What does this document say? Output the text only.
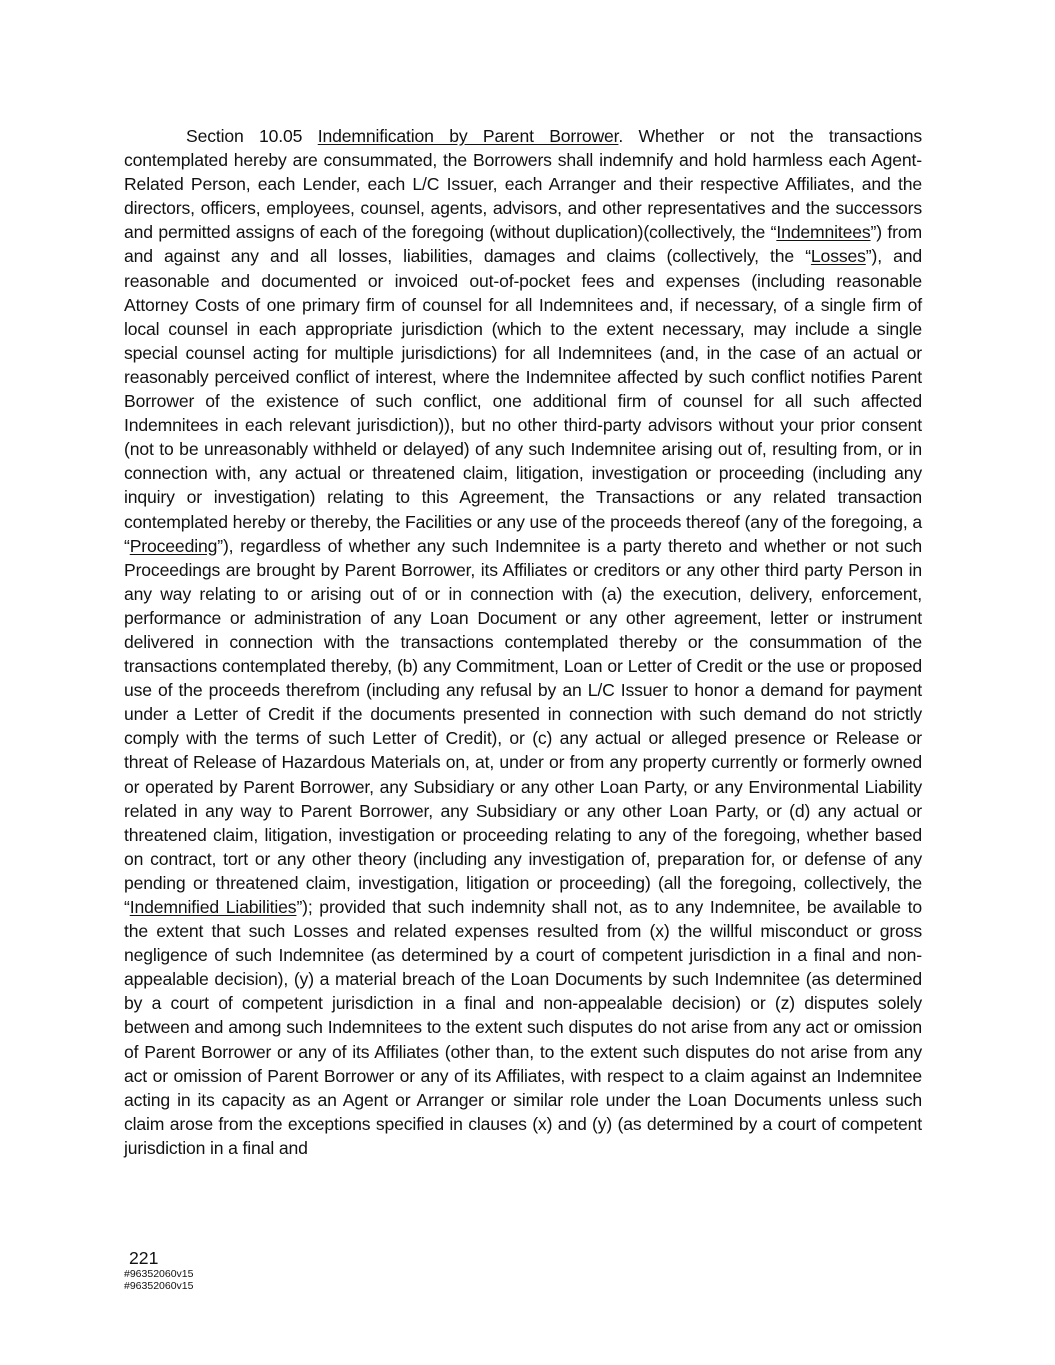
Section 10.05 Indemnification by Parent Borrower. Whether or not the transactions contemplated hereby are consummated, the Borrowers shall indemnify and hold harmless each Agent-Related Person, each Lender, each L/C Issuer, each Arranger and their respective Affiliates, and the directors, officers, employees, counsel, agents, advisors, and other representatives and the successors and permitted assigns of each of the foregoing (without duplication)(collectively, the “Indemnitees”) from and against any and all losses, liabilities, damages and claims (collectively, the “Losses”), and reasonable and documented or invoiced out-of-pocket fees and expenses (including reasonable Attorney Costs of one primary firm of counsel for all Indemnitees and, if necessary, of a single firm of local counsel in each appropriate jurisdiction (which to the extent necessary, may include a single special counsel acting for multiple jurisdictions) for all Indemnitees (and, in the case of an actual or reasonably perceived conflict of interest, where the Indemnitee affected by such conflict notifies Parent Borrower of the existence of such conflict, one additional firm of counsel for all such affected Indemnitees in each relevant jurisdiction)), but no other third-party advisors without your prior consent (not to be unreasonably withheld or delayed) of any such Indemnitee arising out of, resulting from, or in connection with, any actual or threatened claim, litigation, investigation or proceeding (including any inquiry or investigation) relating to this Agreement, the Transactions or any related transaction contemplated hereby or thereby, the Facilities or any use of the proceeds thereof (any of the foregoing, a “Proceeding”), regardless of whether any such Indemnitee is a party thereto and whether or not such Proceedings are brought by Parent Borrower, its Affiliates or creditors or any other third party Person in any way relating to or arising out of or in connection with (a) the execution, delivery, enforcement, performance or administration of any Loan Document or any other agreement, letter or instrument delivered in connection with the transactions contemplated thereby or the consummation of the transactions contemplated thereby, (b) any Commitment, Loan or Letter of Credit or the use or proposed use of the proceeds therefrom (including any refusal by an L/C Issuer to honor a demand for payment under a Letter of Credit if the documents presented in connection with such demand do not strictly comply with the terms of such Letter of Credit), or (c) any actual or alleged presence or Release or threat of Release of Hazardous Materials on, at, under or from any property currently or formerly owned or operated by Parent Borrower, any Subsidiary or any other Loan Party, or any Environmental Liability related in any way to Parent Borrower, any Subsidiary or any other Loan Party, or (d) any actual or threatened claim, litigation, investigation or proceeding relating to any of the foregoing, whether based on contract, tort or any other theory (including any investigation of, preparation for, or defense of any pending or threatened claim, investigation, litigation or proceeding) (all the foregoing, collectively, the “Indemnified Liabilities”); provided that such indemnity shall not, as to any Indemnitee, be available to the extent that such Losses and related expenses resulted from (x) the willful misconduct or gross negligence of such Indemnitee (as determined by a court of competent jurisdiction in a final and non-appealable decision), (y) a material breach of the Loan Documents by such Indemnitee (as determined by a court of competent jurisdiction in a final and non-appealable decision) or (z) disputes solely between and among such Indemnitees to the extent such disputes do not arise from any act or omission of Parent Borrower or any of its Affiliates (other than, to the extent such disputes do not arise from any act or omission of Parent Borrower or any of its Affiliates, with respect to a claim against an Indemnitee acting in its capacity as an Agent or Arranger or similar role under the Loan Documents unless such claim arose from the exceptions specified in clauses (x) and (y) (as determined by a court of competent jurisdiction in a final and

221
#96352060v15
#96352060v15
